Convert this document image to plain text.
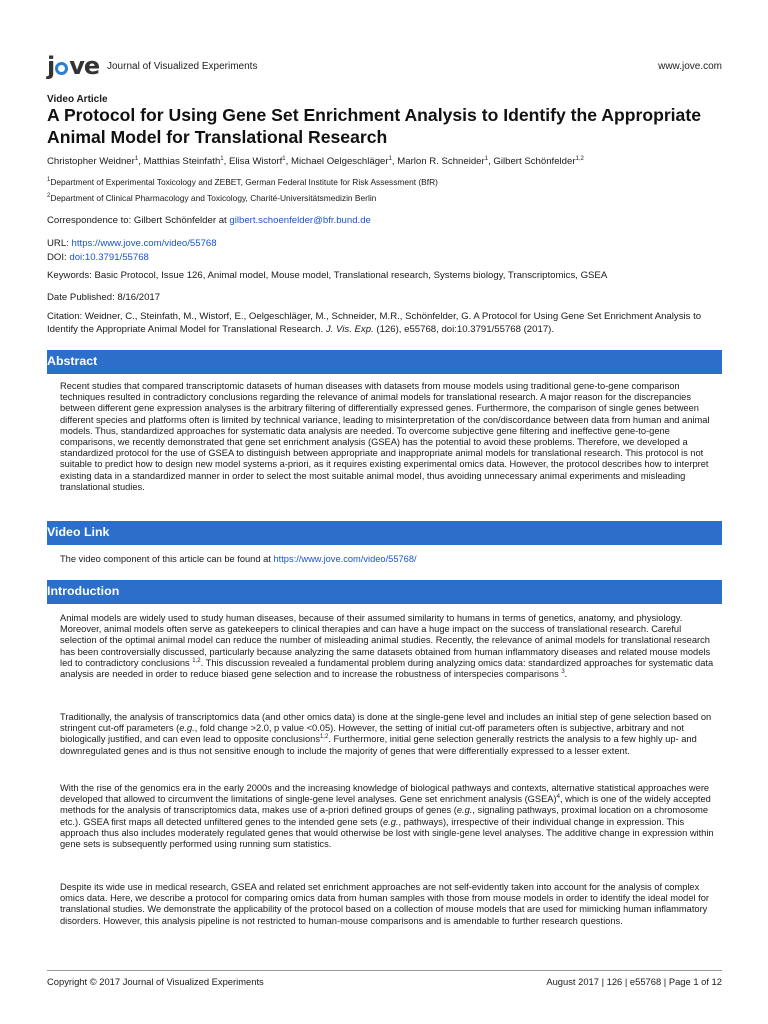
j ve Journal of Visualized Experiments	www.jove.com
Video Article
A Protocol for Using Gene Set Enrichment Analysis to Identify the Appropriate Animal Model for Translational Research
Christopher Weidner$^1$, Matthias Steinfath$^1$, Elisa Wistorf$^1$, Michael Oelgeschläger$^1$, Marlon R. Schneider$^1$, Gilbert Schönfelder$^{1,2}$
$^1$Department of Experimental Toxicology and ZEBET, German Federal Institute for Risk Assessment (BfR)
$^2$Department of Clinical Pharmacology and Toxicology, Charité-Universitätsmedizin Berlin
Correspondence to: Gilbert Schönfelder at gilbert.schoenfelder@bfr.bund.de
URL: https://www.jove.com/video/55768
DOI: doi:10.3791/55768
Keywords: Basic Protocol, Issue 126, Animal model, Mouse model, Translational research, Systems biology, Transcriptomics, GSEA
Date Published: 8/16/2017
Citation: Weidner, C., Steinfath, M., Wistorf, E., Oelgeschläger, M., Schneider, M.R., Schönfelder, G. A Protocol for Using Gene Set Enrichment Analysis to Identify the Appropriate Animal Model for Translational Research. J. Vis. Exp. (126), e55768, doi:10.3791/55768 (2017).
Abstract
Recent studies that compared transcriptomic datasets of human diseases with datasets from mouse models using traditional gene-to-gene comparison techniques resulted in contradictory conclusions regarding the relevance of animal models for translational research. A major reason for the discrepancies between different gene expression analyses is the arbitrary filtering of differentially expressed genes. Furthermore, the comparison of single genes between different species and platforms often is limited by technical variance, leading to misinterpretation of the con/discordance between data from human and animal models. Thus, standardized approaches for systematic data analysis are needed. To overcome subjective gene filtering and ineffective gene-to-gene comparisons, we recently demonstrated that gene set enrichment analysis (GSEA) has the potential to avoid these problems. Therefore, we developed a standardized protocol for the use of GSEA to distinguish between appropriate and inappropriate animal models for translational research. This protocol is not suitable to predict how to design new model systems a-priori, as it requires existing experimental omics data. However, the protocol describes how to interpret existing data in a standardized manner in order to select the most suitable animal model, thus avoiding unnecessary animal experiments and misleading translational studies.
Video Link
The video component of this article can be found at https://www.jove.com/video/55768/
Introduction
Animal models are widely used to study human diseases, because of their assumed similarity to humans in terms of genetics, anatomy, and physiology. Moreover, animal models often serve as gatekeepers to clinical therapies and can have a huge impact on the success of translational research. Careful selection of the optimal animal model can reduce the number of misleading animal studies. Recently, the relevance of animal models for translational research has been controversially discussed, particularly because analyzing the same datasets obtained from human inflammatory diseases and related mouse models led to contradictory conclusions $^{1,2}$. This discussion revealed a fundamental problem during analyzing omics data: standardized approaches for systematic data analysis are needed in order to reduce biased gene selection and to increase the robustness of interspecies comparisons $^3$.
Traditionally, the analysis of transcriptomics data (and other omics data) is done at the single-gene level and includes an initial step of gene selection based on stringent cut-off parameters (e.g., fold change >2.0, p value <0.05). However, the setting of initial cut-off parameters often is subjective, arbitrary and not biologically justified, and can even lead to opposite conclusions$^{1,2}$. Furthermore, initial gene selection generally restricts the analysis to a few highly up- and downregulated genes and is thus not sensitive enough to include the majority of genes that were differentially expressed to a lesser extent.
With the rise of the genomics era in the early 2000s and the increasing knowledge of biological pathways and contexts, alternative statistical approaches were developed that allowed to circumvent the limitations of single-gene level analyses. Gene set enrichment analysis (GSEA)$^4$, which is one of the widely accepted methods for the analysis of transcriptomics data, makes use of a-priori defined groups of genes (e.g., signaling pathways, proximal location on a chromosome etc.). GSEA first maps all detected unfiltered genes to the intended gene sets (e.g., pathways), irrespective of their individual change in expression. This approach thus also includes moderately regulated genes that would otherwise be lost with single-gene level analyses. The additive change in expression within gene sets is subsequently performed using running sum statistics.
Despite its wide use in medical research, GSEA and related set enrichment approaches are not self-evidently taken into account for the analysis of complex omics data. Here, we describe a protocol for comparing omics data from human samples with those from mouse models in order to identify the ideal model for translational studies. We demonstrate the applicability of the protocol based on a collection of mouse models that are used for mimicking human inflammatory disorders. However, this analysis pipeline is not restricted to human-mouse comparisons and is amendable to further research questions.
Copyright © 2017 Journal of Visualized Experiments	August 2017 | 126 | e55768 | Page 1 of 12
